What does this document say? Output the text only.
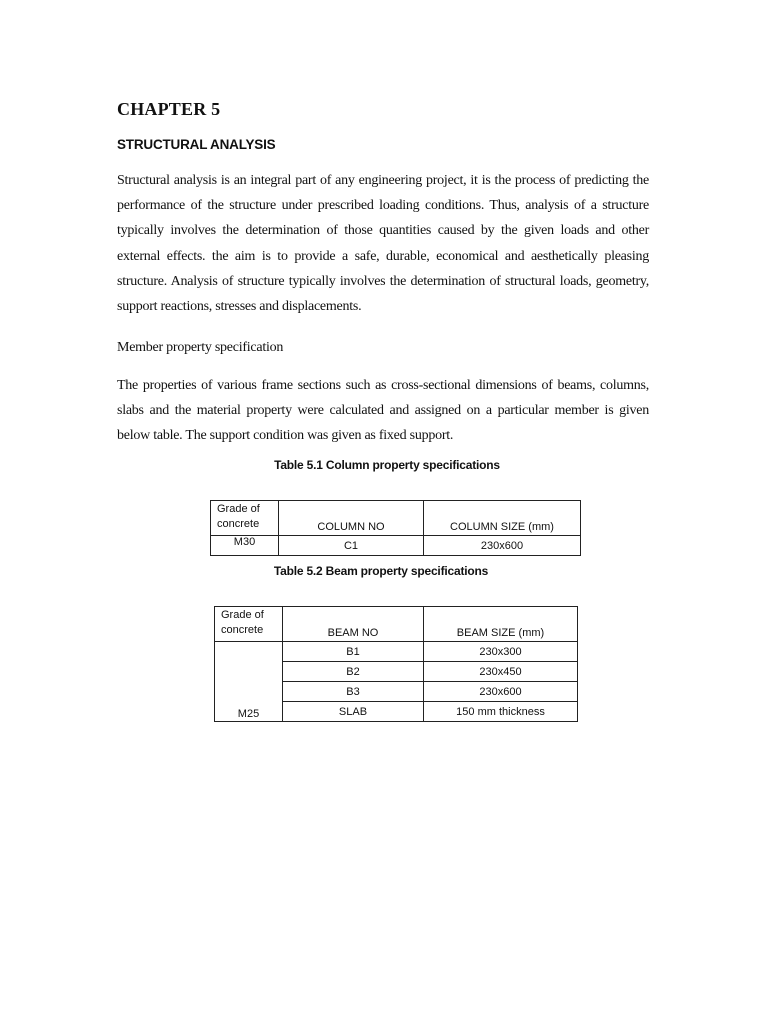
CHAPTER 5
STRUCTURAL ANALYSIS

Structural analysis is an integral part of any engineering project, it is the process of predicting the performance of the structure under prescribed loading conditions. Thus, analysis of a structure typically involves the determination of those quantities caused by the given loads and other external effects. the aim is to provide a safe, durable, economical and aesthetically pleasing structure. Analysis of structure typically involves the determination of structural loads, geometry, support reactions, stresses and displacements.

Member property specification

The properties of various frame sections such as cross-sectional dimensions of beams, columns, slabs and the material property were calculated and assigned on a particular member is given below table. The support condition was given as fixed support.

Table 5.1 Column property specifications
Grade of concrete	COLUMN NO	COLUMN SIZE (mm)
M30	C1	230x600
Table 5.2 Beam property specifications
Grade of concrete	BEAM NO	BEAM SIZE (mm)
M25	B1	230x300
	B2	230x450
	B3	230x600
	SLAB	150 mm thickness
